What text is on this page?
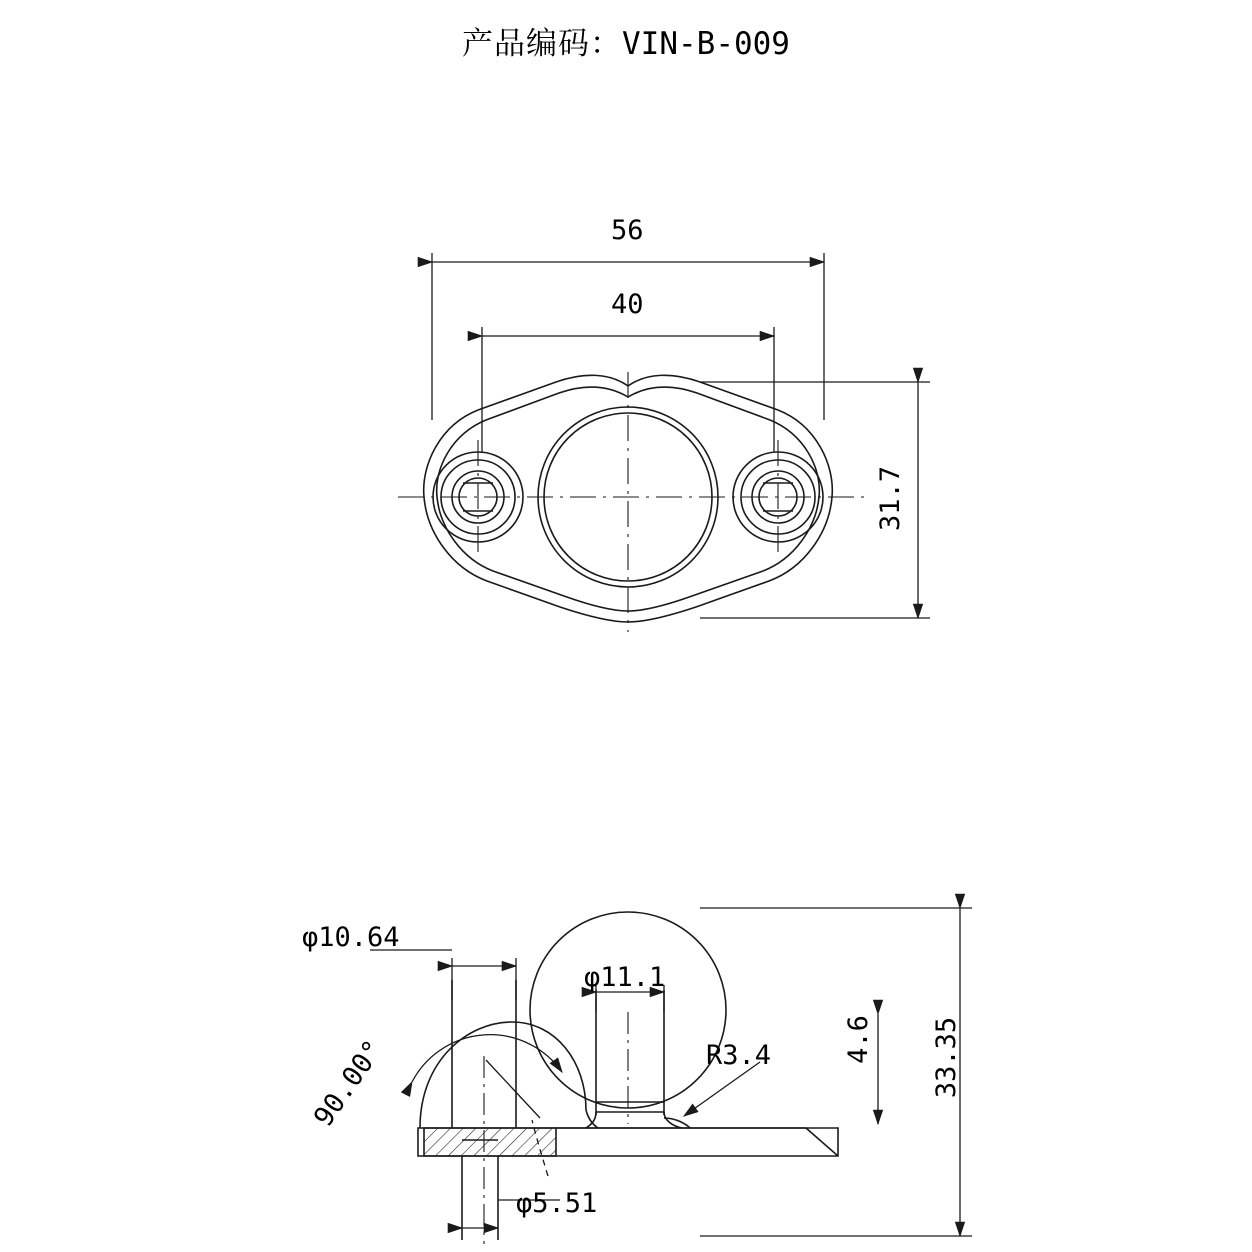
产品编码：VIN-B-009
56
40
31.7
φ10.64
φ11.1
90.00°	R3.4	4.6 33.35
φ5.51
